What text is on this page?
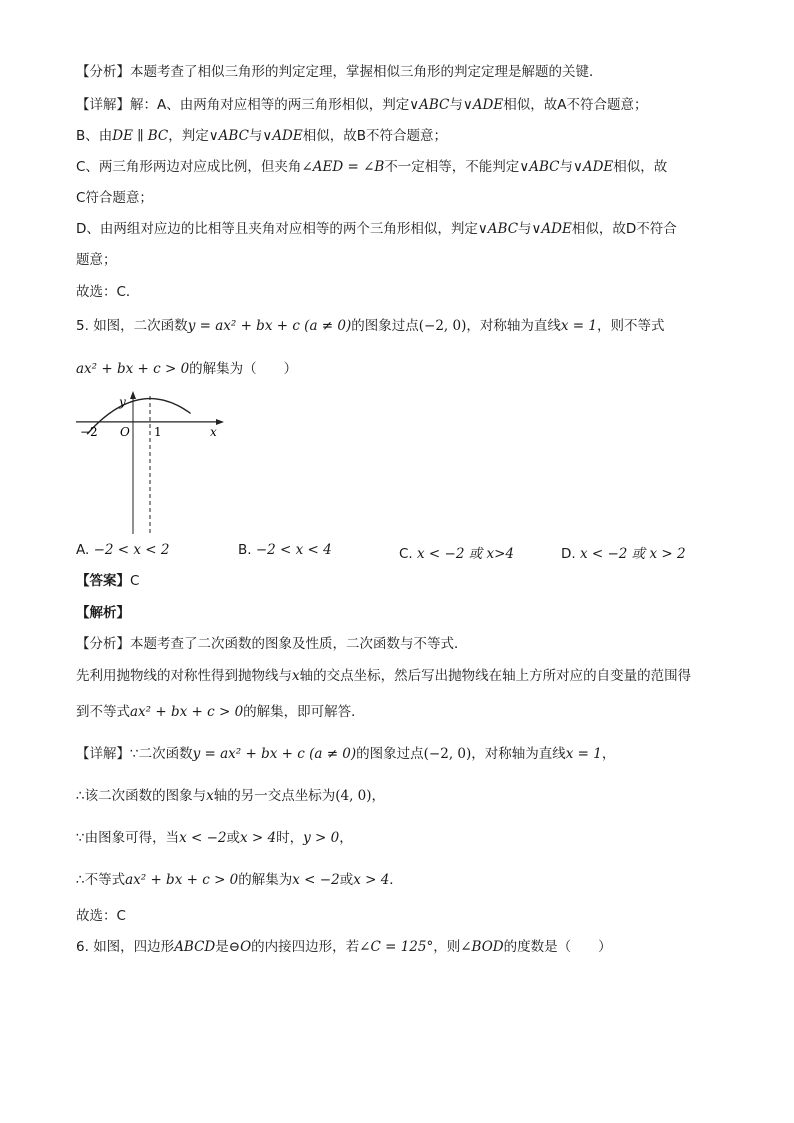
【分析】本题考查了相似三角形的判定定理，掌握相似三角形的判定定理是解题的关键．
【详解】解：A、由两角对应相等的两三角形相似，判定∨ABC与∨ADE相似，故A不符合题意；
B、由DE ∥ BC，判定∨ABC与∨ADE相似，故B不符合题意；
C、两三角形两边对应成比例，但夹角∠AED = ∠B不一定相等，不能判定∨ABC与∨ADE相似，故
C符合题意；
D、由两组对应边的比相等且夹角对应相等的两个三角形相似，判定∨ABC与∨ADE相似，故D不符合
题意；
故选：C．
5. 如图，二次函数y = ax² + bx + c (a ≠ 0)的图象过点(−2, 0)，对称轴为直线x = 1，则不等式
ax² + bx + c > 0的解集为（　　）
y
x
O
−2	1
A. −2 < x < 2	B. −2 < x < 4	C. x < −2 或 x>4	D. x < −2 或 x > 2
【答案】C
【解析】
【分析】本题考查了二次函数的图象及性质，二次函数与不等式．
先利用抛物线的对称性得到抛物线与x轴的交点坐标，然后写出抛物线在轴上方所对应的自变量的范围得
到不等式ax² + bx + c > 0的解集，即可解答．
【详解】∵二次函数y = ax² + bx + c (a ≠ 0)的图象过点(−2, 0)，对称轴为直线x = 1，
∴该二次函数的图象与x轴的另一交点坐标为(4, 0)，
∵由图象可得，当x < −2或x > 4时，y > 0，
∴不等式ax² + bx + c > 0的解集为x < −2或x > 4．
故选：C
6. 如图，四边形ABCD是⊖O的内接四边形，若∠C = 125°，则∠BOD的度数是（　　）
